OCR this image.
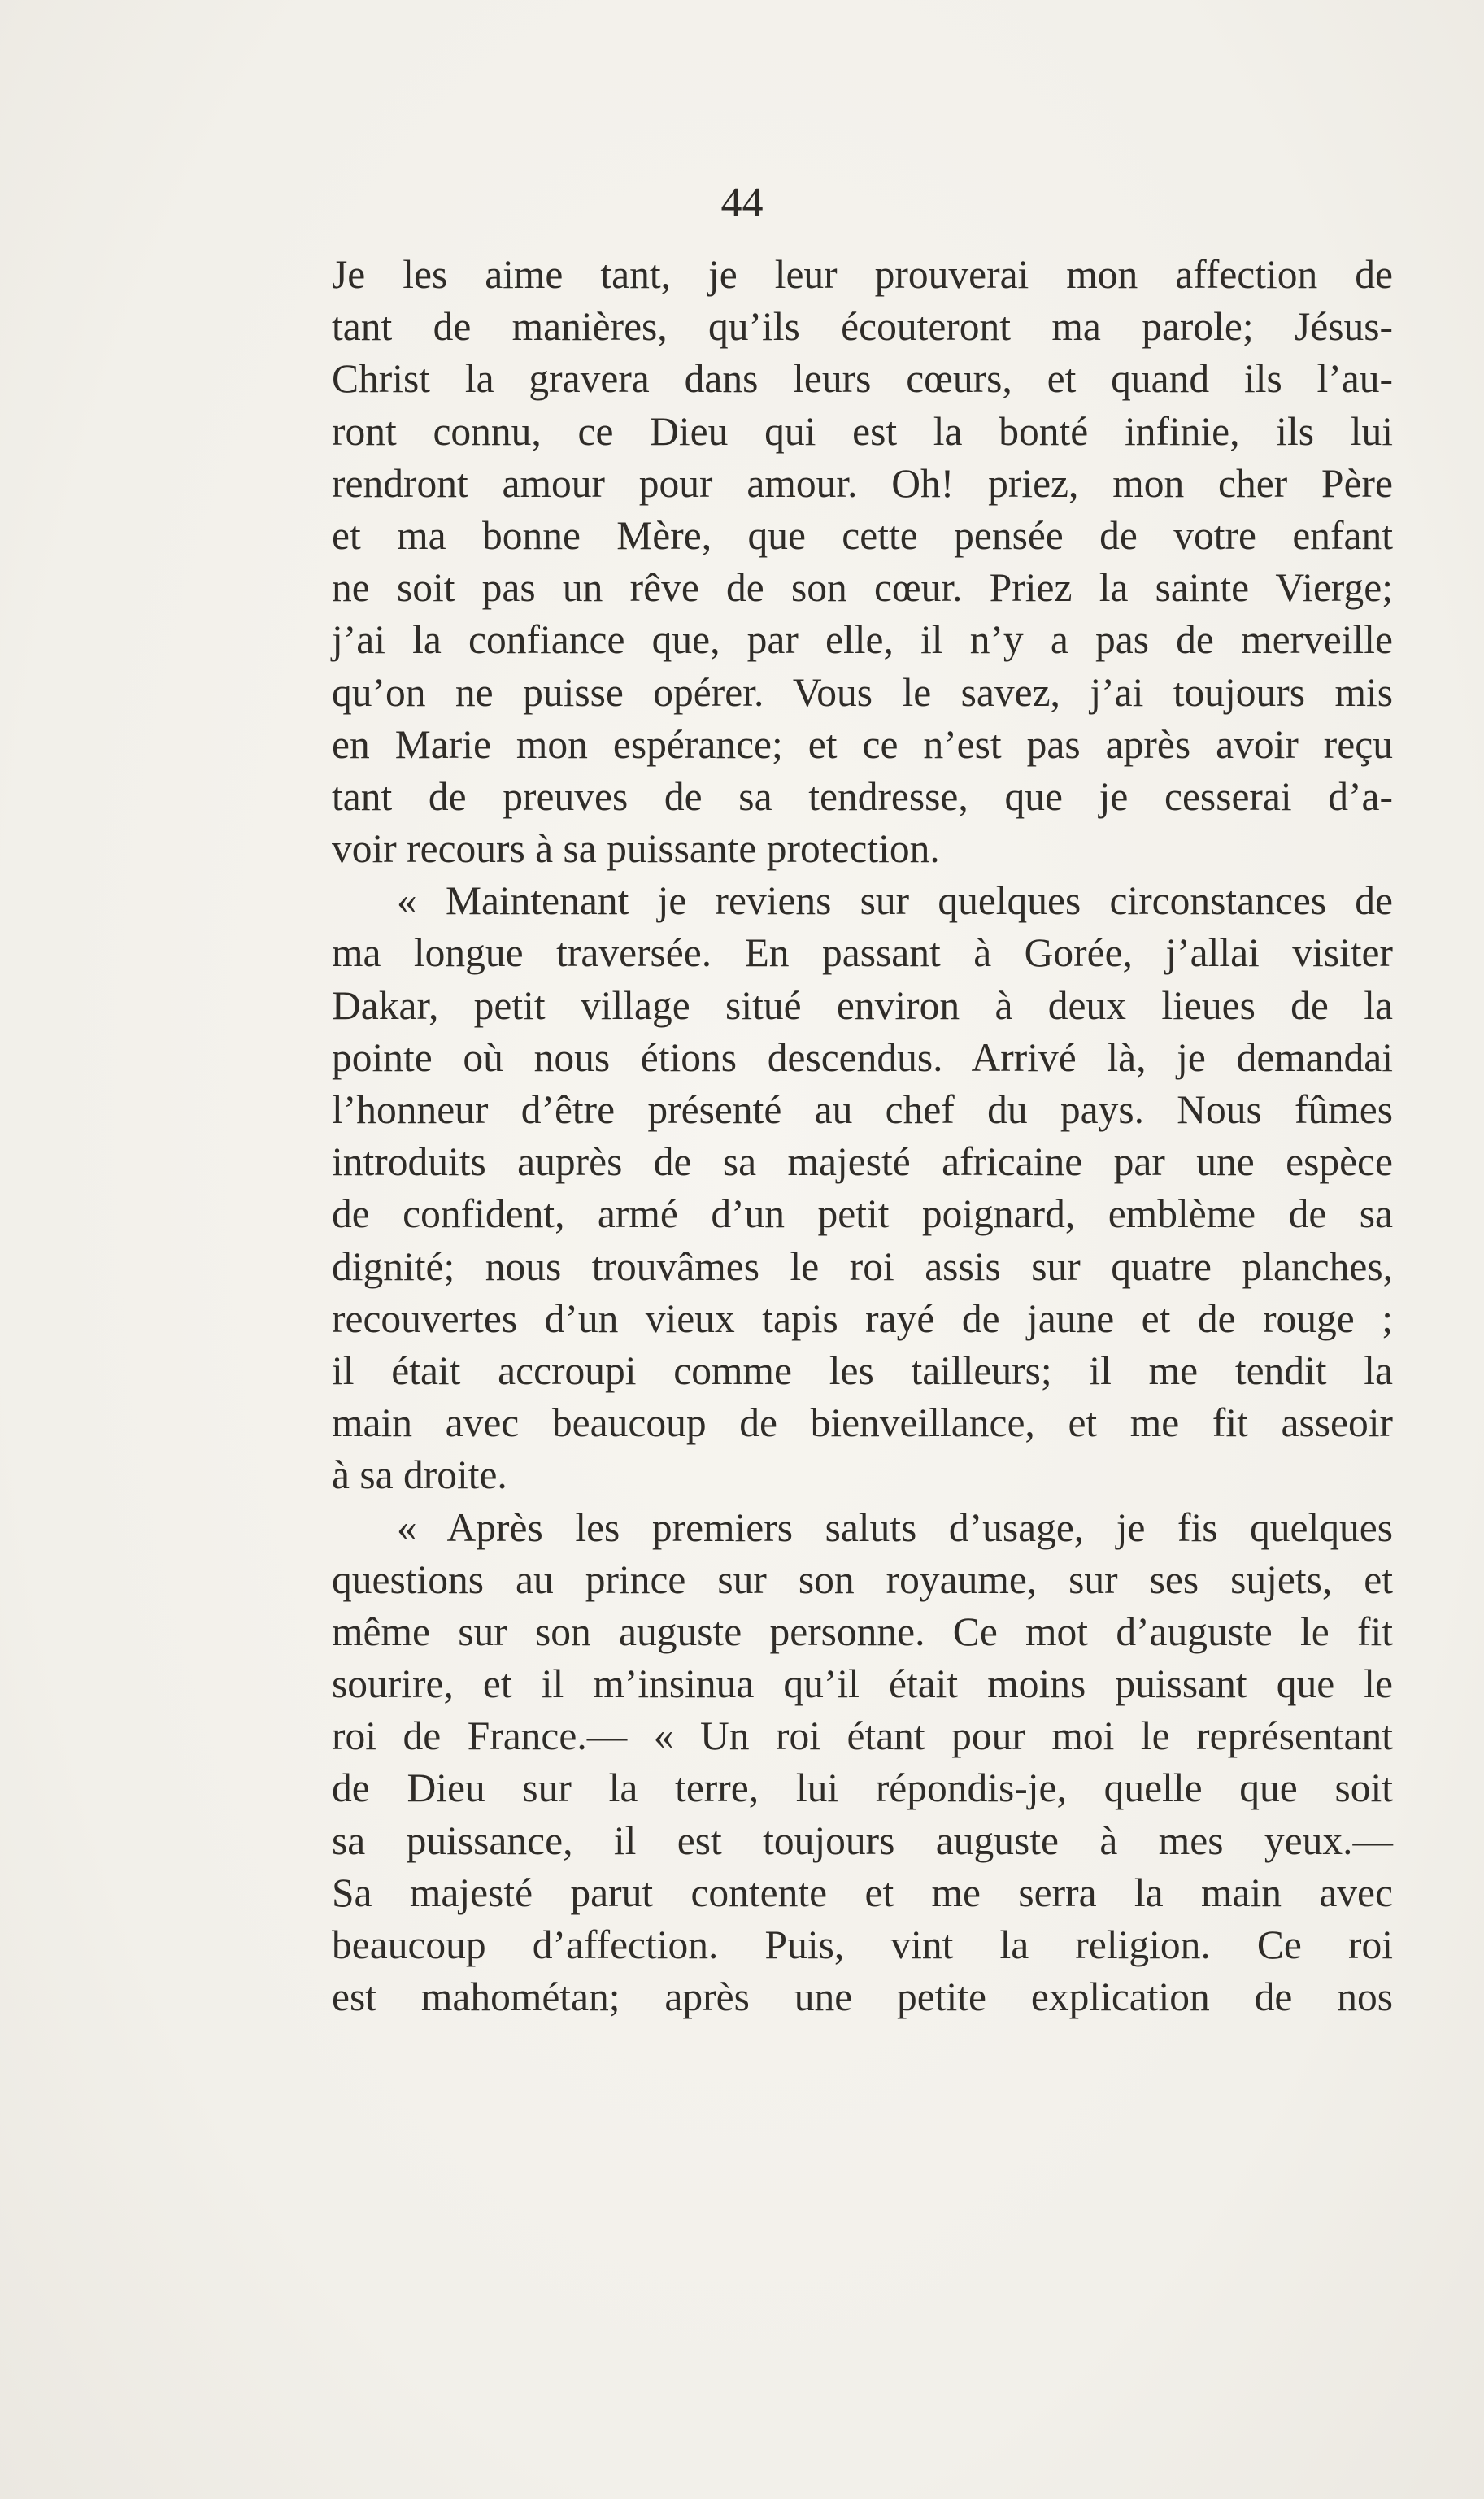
44

Je les aime tant, je leur prouverai mon affection de
tant de manières, qu’ils écouteront ma parole; Jésus-
Christ la gravera dans leurs cœurs, et quand ils l’au-
ront connu, ce Dieu qui est la bonté infinie, ils lui
rendront amour pour amour. Oh! priez, mon cher Père
et ma bonne Mère, que cette pensée de votre enfant
ne soit pas un rêve de son cœur. Priez la sainte Vierge;
j’ai la confiance que, par elle, il n’y a pas de merveille
qu’on ne puisse opérer. Vous le savez, j’ai toujours mis
en Marie mon espérance; et ce n’est pas après avoir reçu
tant de preuves de sa tendresse, que je cesserai d’a-
voir recours à sa puissante protection.
« Maintenant je reviens sur quelques circonstances de
ma longue traversée. En passant à Gorée, j’allai visiter
Dakar, petit village situé environ à deux lieues de la
pointe où nous étions descendus. Arrivé là, je demandai
l’honneur d’être présenté au chef du pays. Nous fûmes
introduits auprès de sa majesté africaine par une espèce
de confident, armé d’un petit poignard, emblème de sa
dignité; nous trouvâmes le roi assis sur quatre planches,
recouvertes d’un vieux tapis rayé de jaune et de rouge ;
il était accroupi comme les tailleurs; il me tendit la
main avec beaucoup de bienveillance, et me fit asseoir
à sa droite.
« Après les premiers saluts d’usage, je fis quelques
questions au prince sur son royaume, sur ses sujets, et
même sur son auguste personne. Ce mot d’auguste le fit
sourire, et il m’insinua qu’il était moins puissant que le
roi de France.— « Un roi étant pour moi le représentant
de Dieu sur la terre, lui répondis-je, quelle que soit
sa puissance, il est toujours auguste à mes yeux.—
Sa majesté parut contente et me serra la main avec
beaucoup d’affection. Puis, vint la religion. Ce roi
est mahométan; après une petite explication de nos
